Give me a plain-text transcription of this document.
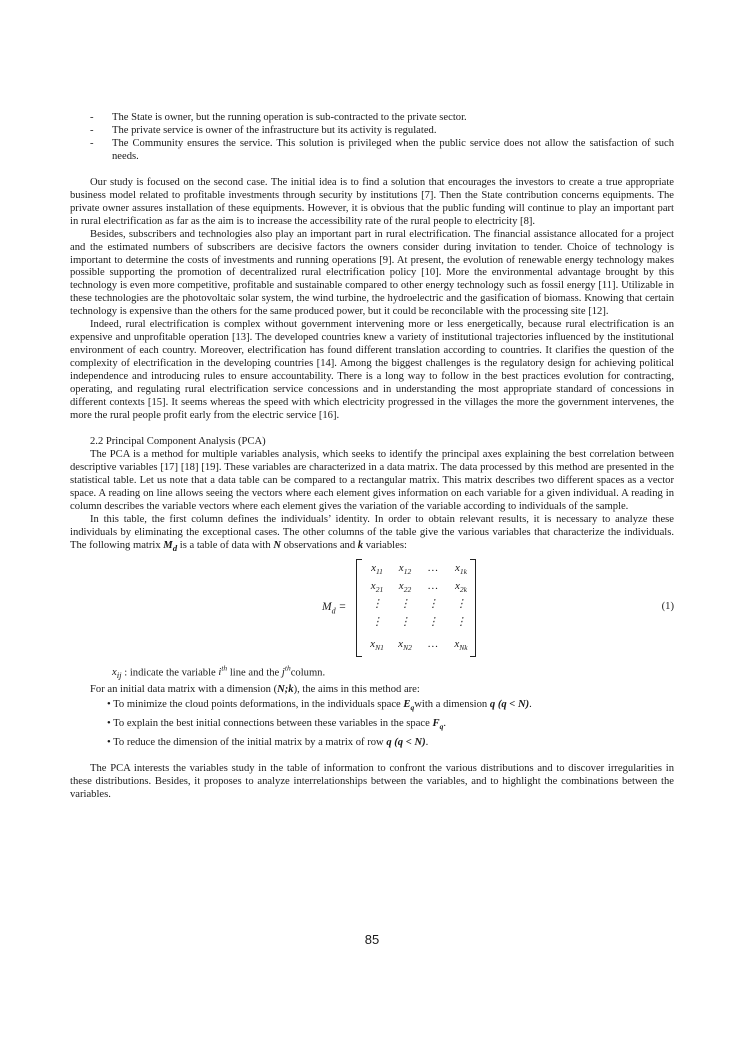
- The State is owner, but the running operation is sub-contracted to the private sector.
- The private service is owner of the infrastructure but its activity is regulated.
- The Community ensures the service. This solution is privileged when the public service does not allow the satisfaction of such needs.

Our study is focused on the second case. The initial idea is to find a solution that encourages the investors to create a true appropriate business model related to profitable investments through security by institutions [7]. Then the State contribution concerns equipments. The private owner assures installation of these equipments. However, it is obvious that the public funding will continue to play an important part in rural electrification as far as the aim is to increase the accessibility rate of the rural people to electricity [8].

Besides, subscribers and technologies also play an important part in rural electrification. The financial assistance allocated for a project and the estimated numbers of subscribers are decisive factors the owners consider during invitation to tender. Choice of technology is important to determine the costs of investments and running operations [9]. At present, the evolution of renewable energy technology makes possible supporting the promotion of decentralized rural electrification policy [10]. More the environmental advantage brought by this technology is even more competitive, profitable and sustainable compared to other energy technology such as fossil energy [11]. Utilizable in these technologies are the photovoltaic solar system, the wind turbine, the hydroelectric and the gasification of biomass. Knowing that certain technology is expensive than the others for the same produced power, but it could be reconcilable with the processing site [12].

Indeed, rural electrification is complex without government intervening more or less energetically, because rural electrification is an expensive and unprofitable operation [13]. The developed countries knew a variety of institutional trajectories influenced by the institutional environment of each country. Moreover, electrification has found different translation according to countries. It clarifies the question of the complexity of electrification in the developing countries [14]. Among the biggest challenges is the regulatory design for achieving political independence and introducing rules to ensure accountability. There is a long way to follow in the best practices evolution for contracting, operating, and regulating rural electrification service concessions and in understanding the most appropriate standard of concessions in different contexts [15]. It seems whereas the speed with which electricity progressed in the villages the more the government intervenes, the more the rural people profit early from the electric service [16].

2.2 Principal Component Analysis (PCA)

The PCA is a method for multiple variables analysis, which seeks to identify the principal axes explaining the best correlation between descriptive variables [17] [18] [19]. These variables are characterized in a data matrix. The data processed by this method are presented in the statistical table. Let us note that a data table can be compared to a rectangular matrix. This matrix describes two different spaces as a vector space. A reading on line allows seeing the vectors where each element gives information on each variable for a given individual. A reading in column describes the variable vectors where each element gives the variation of the variable according to individuals of the sample.

In this table, the first column defines the individuals’ identity. In order to obtain relevant results, it is necessary to analyze these individuals by eliminating the exceptional cases. The other columns of the table give the various variables that characterize the individuals. The following matrix $M_d$ is a table of data with N observations and k variables:

$M_d$ =
$x_{11}$	$x_{12}$	…	$x_{1k}$
$x_{21}$	$x_{22}$	…	$x_{2k}$
⋮	⋮	⋮	⋮
⋮	⋮	⋮	⋮
$x_{N1}$	$x_{N2}$	…	$x_{Nk}$
(1)

$x_{ij}$ : indicate the variable $i^{th}$ line and the $j^{th}column$.

For an initial data matrix with a dimension (N;k), the aims in this method are:

• To minimize the cloud points deformations, in the individuals space $E_qwith$ a dimension q (q < N).
• To explain the best initial connections between these variables in the space $F_q$.
• To reduce the dimension of the initial matrix by a matrix of row q (q < N).

The PCA interests the variables study in the table of information to confront the various distributions and to discover irregularities in these distributions. Besides, it proposes to analyze interrelationships between the variables, and to highlight the combinations between the variables.

85
